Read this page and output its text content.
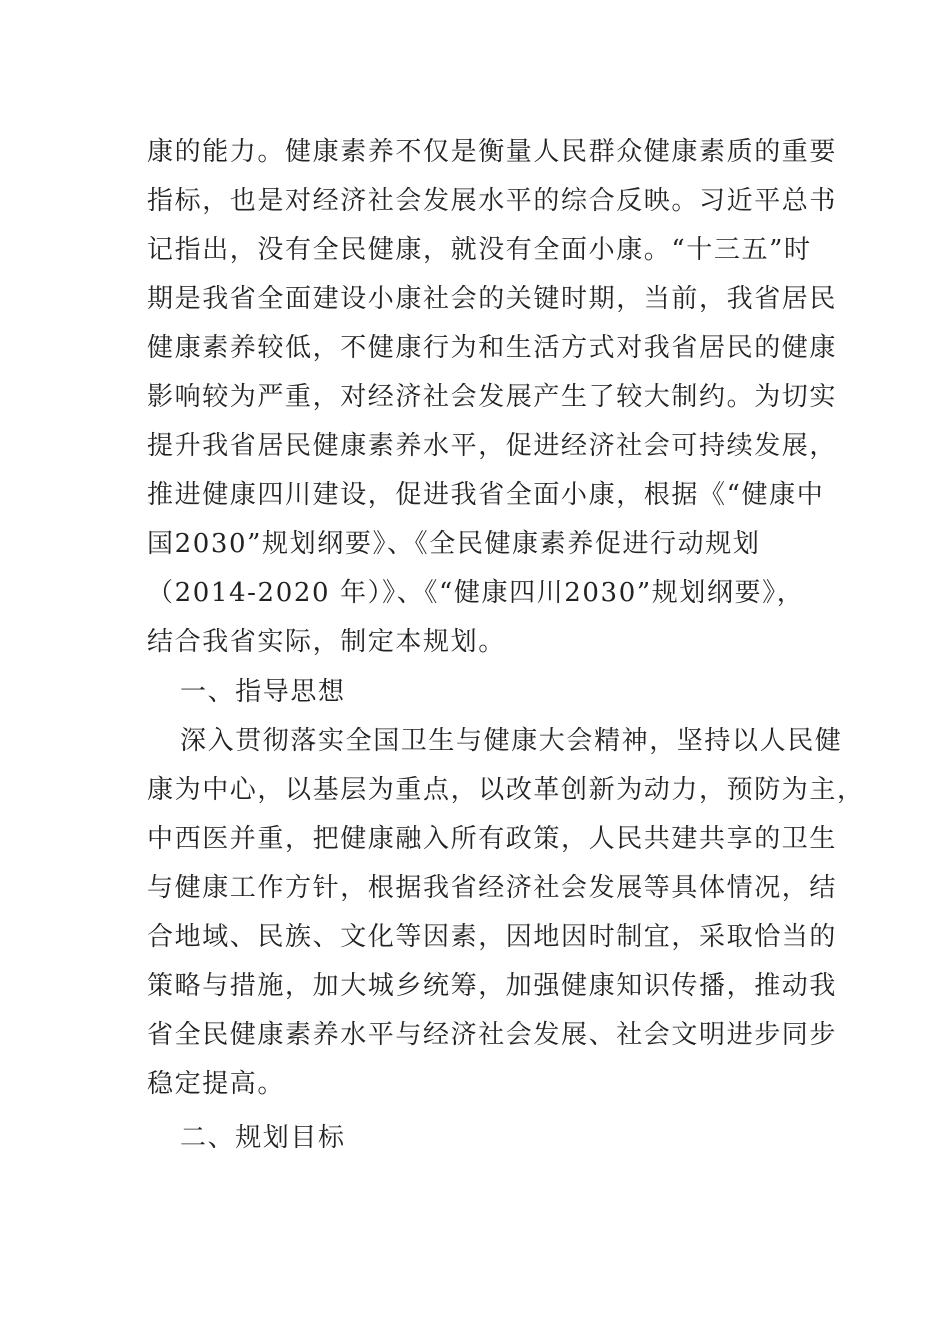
康的能力。健康素养不仅是衡量人民群众健康素质的重要
指标，也是对经济社会发展水平的综合反映。习近平总书
记指出，没有全民健康，就没有全面小康。“十三五”时
期是我省全面建设小康社会的关键时期，当前，我省居民
健康素养较低，不健康行为和生活方式对我省居民的健康
影响较为严重，对经济社会发展产生了较大制约。为切实
提升我省居民健康素养水平，促进经济社会可持续发展，
推进健康四川建设，促进我省全面小康，根据《“健康中
国2030”规划纲要》、《全民健康素养促进行动规划
（2014-2020 年）》、《“健康四川2030”规划纲要》，
结合我省实际，制定本规划。
一、指导思想
深入贯彻落实全国卫生与健康大会精神，坚持以人民健
康为中心，以基层为重点，以改革创新为动力，预防为主，
中西医并重，把健康融入所有政策，人民共建共享的卫生
与健康工作方针，根据我省经济社会发展等具体情况，结
合地域、民族、文化等因素，因地因时制宜，采取恰当的
策略与措施，加大城乡统筹，加强健康知识传播，推动我
省全民健康素养水平与经济社会发展、社会文明进步同步
稳定提高。
二、规划目标
